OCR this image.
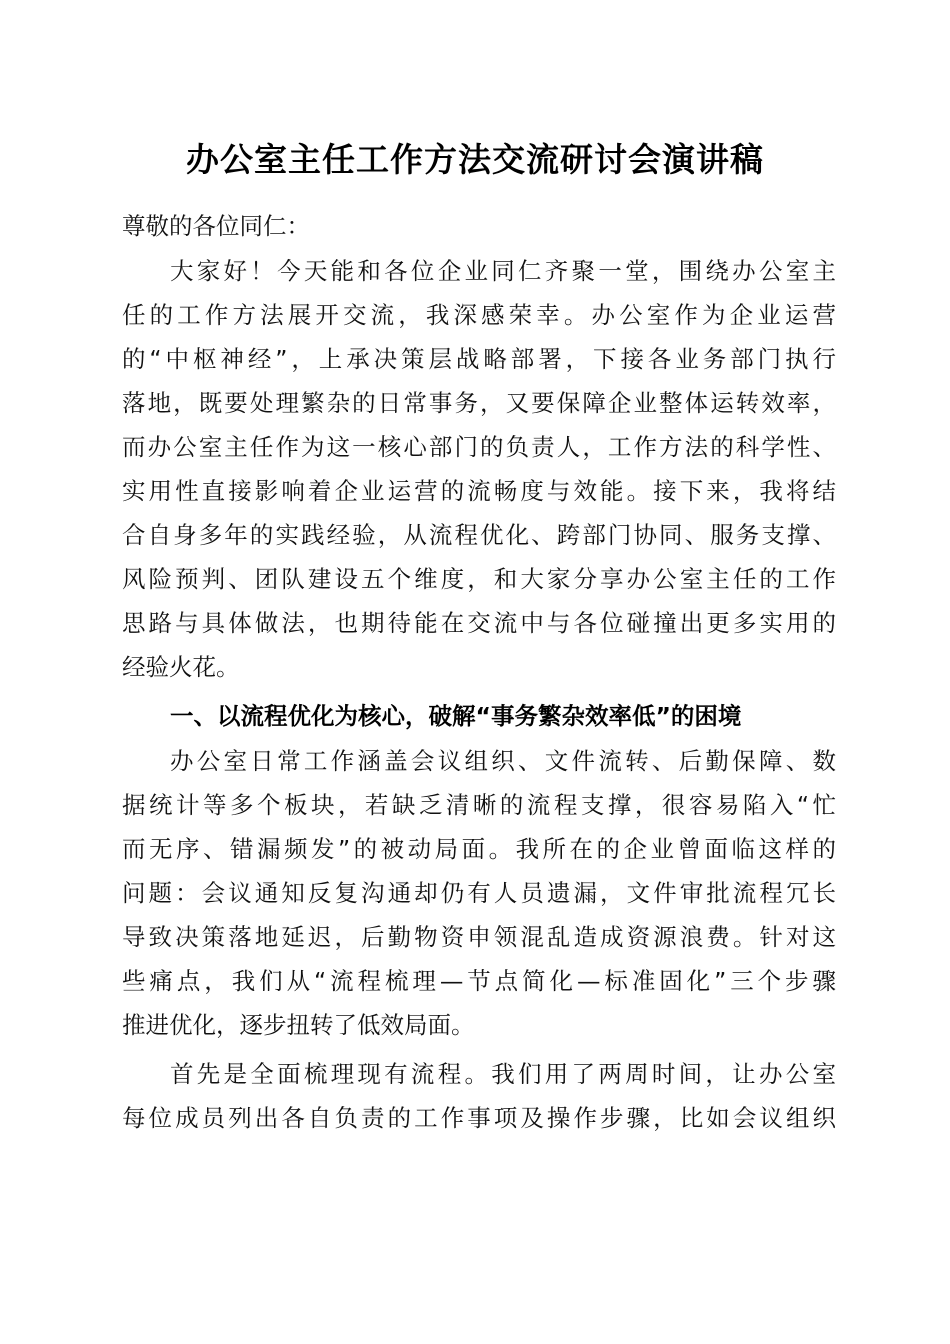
办公室主任工作方法交流研讨会演讲稿
尊敬的各位同仁：
大家好！今天能和各位企业同仁齐聚一堂，围绕办公室主
任的工作方法展开交流，我深感荣幸。办公室作为企业运营
的“中枢神经”，上承决策层战略部署，下接各业务部门执行
落地，既要处理繁杂的日常事务，又要保障企业整体运转效率，
而办公室主任作为这一核心部门的负责人，工作方法的科学性、
实用性直接影响着企业运营的流畅度与效能。接下来，我将结
合自身多年的实践经验，从流程优化、跨部门协同、服务支撑、
风险预判、团队建设五个维度，和大家分享办公室主任的工作
思路与具体做法，也期待能在交流中与各位碰撞出更多实用的
经验火花。
一、以流程优化为核心，破解“事务繁杂效率低”的困境
办公室日常工作涵盖会议组织、文件流转、后勤保障、数
据统计等多个板块，若缺乏清晰的流程支撑，很容易陷入“忙
而无序、错漏频发”的被动局面。我所在的企业曾面临这样的
问题：会议通知反复沟通却仍有人员遗漏，文件审批流程冗长
导致决策落地延迟，后勤物资申领混乱造成资源浪费。针对这
些痛点，我们从“流程梳理—节点简化—标准固化”三个步骤
推进优化，逐步扭转了低效局面。
首先是全面梳理现有流程。我们用了两周时间，让办公室
每位成员列出各自负责的工作事项及操作步骤，比如会议组织
